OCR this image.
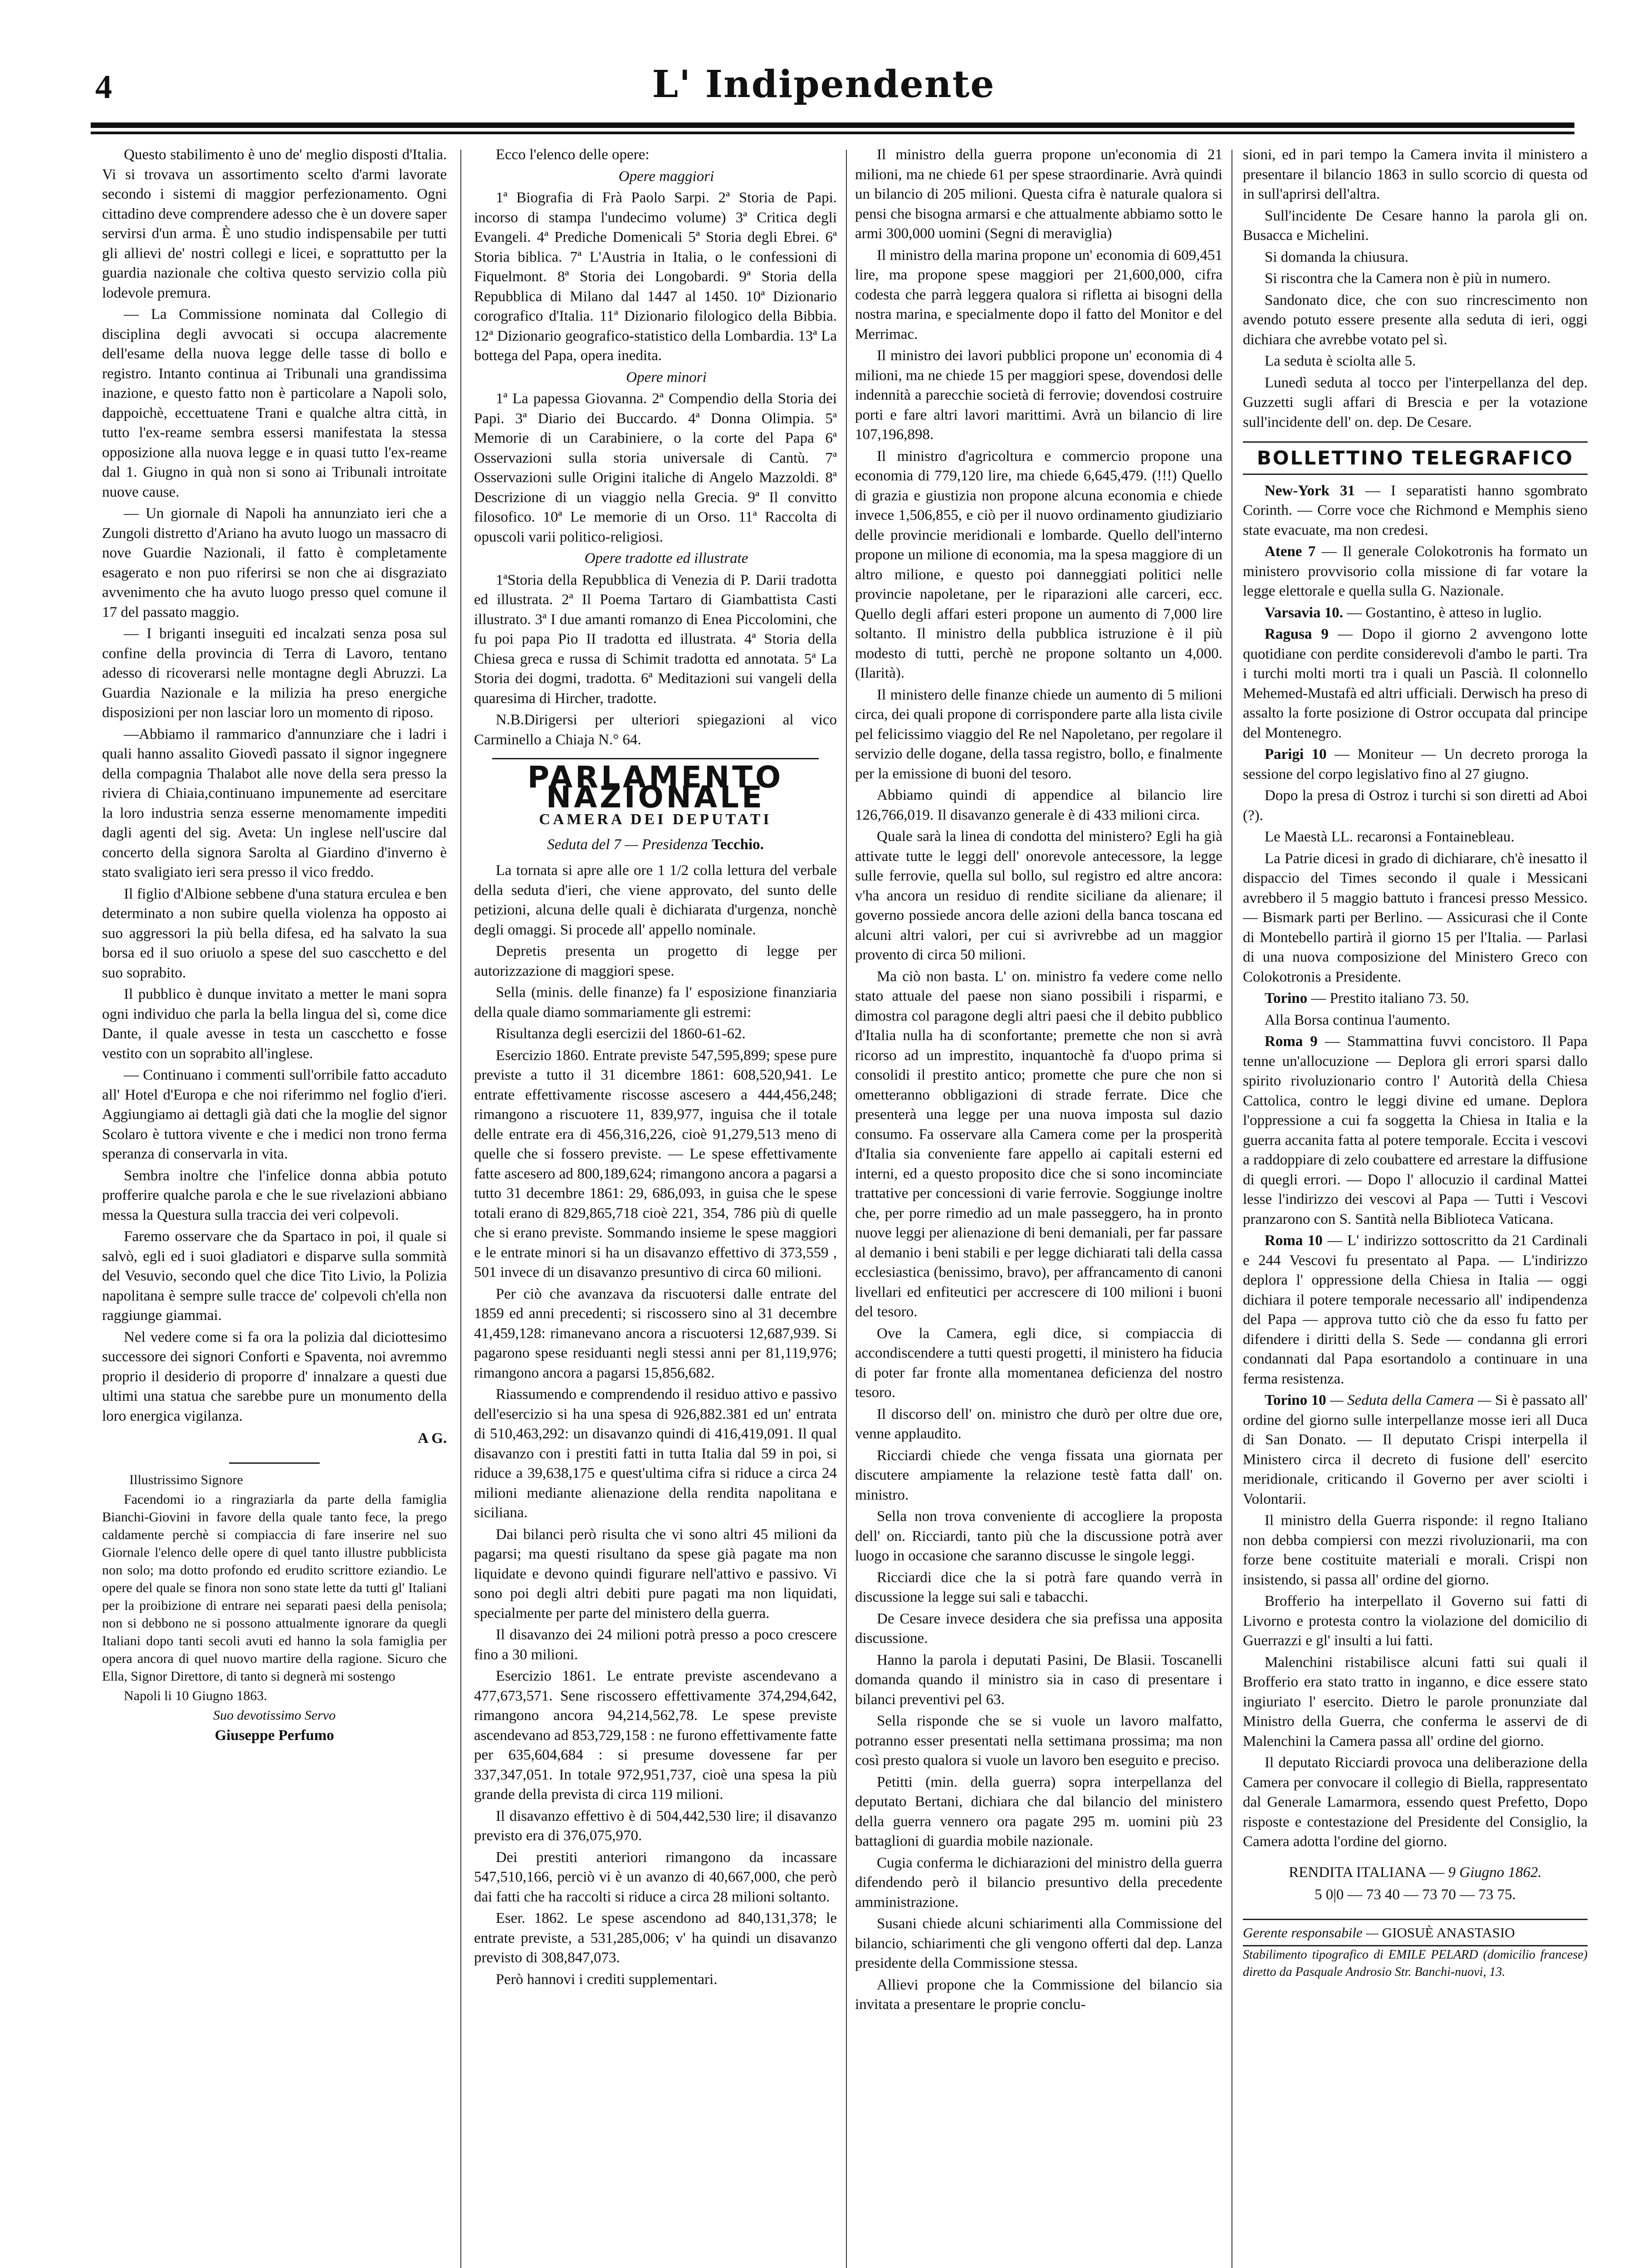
4	L' Indipendente

Questo stabilimento è uno de' meglio disposti d'Italia. Vi si trovava un assortimento scelto d'armi lavorate secondo i sistemi di maggior perfezionamento. Ogni cittadino deve comprendere adesso che è un dovere saper servirsi d'un arma. È uno studio indispensabile per tutti gli allievi de' nostri collegi e licei, e soprattutto per la guardia nazionale che coltiva questo servizio colla più lodevole premura.

— La Commissione nominata dal Collegio di disciplina degli avvocati si occupa alacremente dell'esame della nuova legge delle tasse di bollo e registro. Intanto continua ai Tribunali una grandissima inazione, e questo fatto non è particolare a Napoli solo, dappoichè, eccettuatene Trani e qualche altra città, in tutto l'ex-reame sembra essersi manifestata la stessa opposizione alla nuova legge e in quasi tutto l'ex-reame dal 1. Giugno in quà non si sono ai Tribunali introitate nuove cause.

— Un giornale di Napoli ha annunziato ieri che a Zungoli distretto d'Ariano ha avuto luogo un massacro di nove Guardie Nazionali, il fatto è completamente esagerato e non puo riferirsi se non che ai disgraziato avvenimento che ha avuto luogo presso quel comune il 17 del passato maggio.

— I briganti inseguiti ed incalzati senza posa sul confine della provincia di Terra di Lavoro, tentano adesso di ricoverarsi nelle montagne degli Abruzzi. La Guardia Nazionale e la milizia ha preso energiche disposizioni per non lasciar loro un momento di riposo.

—Abbiamo il rammarico d'annunziare che i ladri i quali hanno assalito Giovedì passato il signor ingegnere della compagnia Thalabot alle nove della sera presso la riviera di Chiaia,continuano impunemente ad esercitare la loro industria senza esserne menomamente impediti dagli agenti del sig. Aveta: Un inglese nell'uscire dal concerto della signora Sarolta al Giardino d'inverno è stato svaligiato ieri sera presso il vico freddo.

Il figlio d'Albione sebbene d'una statura erculea e ben determinato a non subire quella violenza ha opposto ai suo aggressori la più bella difesa, ed ha salvato la sua borsa ed il suo oriuolo a spese del suo cascchetto e del suo soprabito.

Il pubblico è dunque invitato a metter le mani sopra ogni individuo che parla la bella lingua del sì, come dice Dante, il quale avesse in testa un cascchetto e fosse vestito con un soprabito all'inglese.

— Continuano i commenti sull'orribile fatto accaduto all' Hotel d'Europa e che noi riferimmo nel foglio d'ieri. Aggiungiamo ai dettagli già dati che la moglie del signor Scolaro è tuttora vivente e che i medici non trono ferma speranza di conservarla in vita.

Sembra inoltre che l'infelice donna abbia potuto profferire qualche parola e che le sue rivelazioni abbiano messa la Questura sulla traccia dei veri colpevoli.

Faremo osservare che da Spartaco in poi, il quale si salvò, egli ed i suoi gladiatori e disparve sulla sommità del Vesuvio, secondo quel che dice Tito Livio, la Polizia napolitana è sempre sulle tracce de' colpevoli ch'ella non raggiunge giammai.

Nel vedere come si fa ora la polizia dal diciottesimo successore dei signori Conforti e Spaventa, noi avremmo proprio il desiderio di proporre d' innalzare a questi due ultimi una statua che sarebbe pure un monumento della loro energica vigilanza.

A G.

Illustrissimo Signore

Facendomi io a ringraziarla da parte della famiglia Bianchi-Giovini in favore della quale tanto fece, la prego caldamente perchè si compiaccia di fare inserire nel suo Giornale l'elenco delle opere di quel tanto illustre pubblicista non solo; ma dotto profondo ed erudito scrittore eziandio. Le opere del quale se finora non sono state lette da tutti gl' Italiani per la proibizione di entrare nei separati paesi della penisola; non si debbono ne si possono attualmente ignorare da quegli Italiani dopo tanti secoli avuti ed hanno la sola famiglia per opera ancora di quel nuovo martire della ragione. Sicuro che Ella, Signor Direttore, di tanto si degnerà mi sostengo

Napoli li 10 Giugno 1863.

Suo devotissimo Servo

Giuseppe Perfumo

Ecco l'elenco delle opere:

Opere maggiori

1ª Biografia di Frà Paolo Sarpi. 2ª Storia de Papi. incorso di stampa l'undecimo volume) 3ª Critica degli Evangeli. 4ª Prediche Domenicali 5ª Storia degli Ebrei. 6ª Storia biblica. 7ª L'Austria in Italia, o le confessioni di Fiquelmont. 8ª Storia dei Longobardi. 9ª Storia della Repubblica di Milano dal 1447 al 1450. 10ª Dizionario corografico d'Italia. 11ª Dizionario filologico della Bibbia. 12ª Dizionario geografico-statistico della Lombardia. 13ª La bottega del Papa, opera inedita.

Opere minori

1ª La papessa Giovanna. 2ª Compendio della Storia dei Papi. 3ª Diario dei Buccardo. 4ª Donna Olimpia. 5ª Memorie di un Carabiniere, o la corte del Papa 6ª Osservazioni sulla storia universale di Cantù. 7ª Osservazioni sulle Origini italiche di Angelo Mazzoldi. 8ª Descrizione di un viaggio nella Grecia. 9ª Il convitto filosofico. 10ª Le memorie di un Orso. 11ª Raccolta di opuscoli varii politico-religiosi.

Opere tradotte ed illustrate

1ªStoria della Repubblica di Venezia di P. Darii tradotta ed illustrata. 2ª Il Poema Tartaro di Giambattista Casti illustrato. 3ª I due amanti romanzo di Enea Piccolomini, che fu poi papa Pio II tradotta ed illustrata. 4ª Storia della Chiesa greca e russa di Schimit tradotta ed annotata. 5ª La Storia dei dogmi, tradotta. 6ª Meditazioni sui vangeli della quaresima di Hircher, tradotte.

N.B.Dirigersi per ulteriori spiegazioni al vico Carminello a Chiaja N.° 64.

PARLAMENTO NAZIONALE
CAMERA DEI DEPUTATI
Seduta del 7 — Presidenza Tecchio.

La tornata si apre alle ore 1 1/2 colla lettura del verbale della seduta d'ieri, che viene approvato, del sunto delle petizioni, alcuna delle quali è dichiarata d'urgenza, nonchè degli omaggi. Si procede all' appello nominale.

Depretis presenta un progetto di legge per autorizzazione di maggiori spese.

Sella (minis. delle finanze) fa l' esposizione finanziaria della quale diamo sommariamente gli estremi:

Risultanza degli esercizii del 1860-61-62.

Esercizio 1860. Entrate previste 547,595,899; spese pure previste a tutto il 31 dicembre 1861: 608,520,941. Le entrate effettivamente riscosse ascesero a 444,456,248; rimangono a riscuotere 11, 839,977, inguisa che il totale delle entrate era di 456,316,226, cioè 91,279,513 meno di quelle che si fossero previste. — Le spese effettivamente fatte ascesero ad 800,189,624; rimangono ancora a pagarsi a tutto 31 decembre 1861: 29, 686,093, in guisa che le spese totali erano di 829,865,718 cioè 221, 354, 786 più di quelle che si erano previste. Sommando insieme le spese maggiori e le entrate minori si ha un disavanzo effettivo di 373,559 , 501 invece di un disavanzo presuntivo di circa 60 milioni.

Per ciò che avanzava da riscuotersi dalle entrate del 1859 ed anni precedenti; si riscossero sino al 31 decembre 41,459,128: rimanevano ancora a riscuotersi 12,687,939. Si pagarono spese residuanti negli stessi anni per 81,119,976; rimangono ancora a pagarsi 15,856,682.

Riassumendo e comprendendo il residuo attivo e passivo dell'esercizio si ha una spesa di 926,882.381 ed un' entrata di 510,463,292: un disavanzo quindi di 416,419,091. Il qual disavanzo con i prestiti fatti in tutta Italia dal 59 in poi, si riduce a 39,638,175 e quest'ultima cifra si riduce a circa 24 milioni mediante alienazione della rendita napolitana e siciliana.

Dai bilanci però risulta che vi sono altri 45 milioni da pagarsi; ma questi risultano da spese già pagate ma non liquidate e devono quindi figurare nell'attivo e passivo. Vi sono poi degli altri debiti pure pagati ma non liquidati, specialmente per parte del ministero della guerra.

Il disavanzo dei 24 milioni potrà presso a poco crescere fino a 30 milioni.

Esercizio 1861. Le entrate previste ascendevano a 477,673,571. Sene riscossero effettivamente 374,294,642, rimangono ancora 94,214,562,78. Le spese previste ascendevano ad 853,729,158 : ne furono effettivamente fatte per 635,604,684 : si presume dovessene far per 337,347,051. In totale 972,951,737, cioè una spesa la più grande della prevista di circa 119 milioni.

Il disavanzo effettivo è di 504,442,530 lire; il disavanzo previsto era di 376,075,970.

Dei prestiti anteriori rimangono da incassare 547,510,166, perciò vi è un avanzo di 40,667,000, che però dai fatti che ha raccolti si riduce a circa 28 milioni soltanto.

Eser. 1862. Le spese ascendono ad 840,131,378; le entrate previste, a 531,285,006; v' ha quindi un disavanzo previsto di 308,847,073.

Però hannovi i crediti supplementari.

Il ministro della guerra propone un'economia di 21 milioni, ma ne chiede 61 per spese straordinarie. Avrà quindi un bilancio di 205 milioni. Questa cifra è naturale qualora si pensi che bisogna armarsi e che attualmente abbiamo sotto le armi 300,000 uomini (Segni di meraviglia)

Il ministro della marina propone un' economia di 609,451 lire, ma propone spese maggiori per 21,600,000, cifra codesta che parrà leggera qualora si rifletta ai bisogni della nostra marina, e specialmente dopo il fatto del Monitor e del Merrimac.

Il ministro dei lavori pubblici propone un' economia di 4 milioni, ma ne chiede 15 per maggiori spese, dovendosi delle indennità a parecchie società di ferrovie; dovendosi costruire porti e fare altri lavori marittimi. Avrà un bilancio di lire 107,196,898.

Il ministro d'agricoltura e commercio propone una economia di 779,120 lire, ma chiede 6,645,479. (!!!) Quello di grazia e giustizia non propone alcuna economia e chiede invece 1,506,855, e ciò per il nuovo ordinamento giudiziario delle provincie meridionali e lombarde. Quello dell'interno propone un milione di economia, ma la spesa maggiore di un altro milione, e questo poi danneggiati politici nelle provincie napoletane, per le riparazioni alle carceri, ecc. Quello degli affari esteri propone un aumento di 7,000 lire soltanto. Il ministro della pubblica istruzione è il più modesto di tutti, perchè ne propone soltanto un 4,000. (Ilarità).

Il ministero delle finanze chiede un aumento di 5 milioni circa, dei quali propone di corrispondere parte alla lista civile pel felicissimo viaggio del Re nel Napoletano, per regolare il servizio delle dogane, della tassa registro, bollo, e finalmente per la emissione di buoni del tesoro.

Abbiamo quindi di appendice al bilancio lire 126,766,019. Il disavanzo generale è di 433 milioni circa.

Quale sarà la linea di condotta del ministero? Egli ha già attivate tutte le leggi dell' onorevole antecessore, la legge sulle ferrovie, quella sul bollo, sul registro ed altre ancora: v'ha ancora un residuo di rendite siciliane da alienare; il governo possiede ancora delle azioni della banca toscana ed alcuni altri valori, per cui si avrivrebbe ad un maggior provento di circa 50 milioni.

Ma ciò non basta. L' on. ministro fa vedere come nello stato attuale del paese non siano possibili i risparmi, e dimostra col paragone degli altri paesi che il debito pubblico d'Italia nulla ha di sconfortante; premette che non si avrà ricorso ad un imprestito, inquantochè fa d'uopo prima si consolidi il prestito antico; promette che pure che non si ometteranno obbligazioni di strade ferrate. Dice che presenterà una legge per una nuova imposta sul dazio consumo. Fa osservare alla Camera come per la prosperità d'Italia sia conveniente fare appello ai capitali esterni ed interni, ed a questo proposito dice che si sono incominciate trattative per concessioni di varie ferrovie. Soggiunge inoltre che, per porre rimedio ad un male passeggero, ha in pronto nuove leggi per alienazione di beni demaniali, per far passare al demanio i beni stabili e per legge dichiarati tali della cassa ecclesiastica (benissimo, bravo), per affrancamento di canoni livellari ed enfiteutici per accrescere di 100 milioni i buoni del tesoro.

Ove la Camera, egli dice, si compiaccia di accondiscendere a tutti questi progetti, il ministero ha fiducia di poter far fronte alla momentanea deficienza del nostro tesoro.

Il discorso dell' on. ministro che durò per oltre due ore, venne applaudito.

Ricciardi chiede che venga fissata una giornata per discutere ampiamente la relazione testè fatta dall' on. ministro.

Sella non trova conveniente di accogliere la proposta dell' on. Ricciardi, tanto più che la discussione potrà aver luogo in occasione che saranno discusse le singole leggi.

Ricciardi dice che la si potrà fare quando verrà in discussione la legge sui sali e tabacchi.

De Cesare invece desidera che sia prefissa una apposita discussione.

Hanno la parola i deputati Pasini, De Blasii. Toscanelli domanda quando il ministro sia in caso di presentare i bilanci preventivi pel 63.

Sella risponde che se si vuole un lavoro malfatto, potranno esser presentati nella settimana prossima; ma non così presto qualora si vuole un lavoro ben eseguito e preciso.

Petitti (min. della guerra) sopra interpellanza del deputato Bertani, dichiara che dal bilancio del ministero della guerra vennero ora pagate 295 m. uomini più 23 battaglioni di guardia mobile nazionale.

Cugia conferma le dichiarazioni del ministro della guerra difendendo però il bilancio presuntivo della precedente amministrazione.

Susani chiede alcuni schiarimenti alla Commissione del bilancio, schiarimenti che gli vengono offerti dal dep. Lanza presidente della Commissione stessa.

Allievi propone che la Commissione del bilancio sia invitata a presentare le proprie conclu-

sioni, ed in pari tempo la Camera invita il ministero a presentare il bilancio 1863 in sullo scorcio di questa od in sull'aprirsi dell'altra.

Sull'incidente De Cesare hanno la parola gli on. Busacca e Michelini.

Si domanda la chiusura.

Si riscontra che la Camera non è più in numero.

Sandonato dice, che con suo rincrescimento non avendo potuto essere presente alla seduta di ieri, oggi dichiara che avrebbe votato pel sì.

La seduta è sciolta alle 5.

Lunedì seduta al tocco per l'interpellanza del dep. Guzzetti sugli affari di Brescia e per la votazione sull'incidente dell' on. dep. De Cesare.

BOLLETTINO TELEGRAFICO

New-York 31 — I separatisti hanno sgombrato Corinth. — Corre voce che Richmond e Memphis sieno state evacuate, ma non credesi.

Atene 7 — Il generale Colokotronis ha formato un ministero provvisorio colla missione di far votare la legge elettorale e quella sulla G. Nazionale.

Varsavia 10. — Gostantino, è atteso in luglio.

Ragusa 9 — Dopo il giorno 2 avvengono lotte quotidiane con perdite considerevoli d'ambo le parti. Tra i turchi molti morti tra i quali un Pascià. Il colonnello Mehemed-Mustafà ed altri ufficiali. Derwisch ha preso di assalto la forte posizione di Ostror occupata dal principe del Montenegro.

Parigi 10 — Moniteur — Un decreto proroga la sessione del corpo legislativo fino al 27 giugno.

Dopo la presa di Ostroz i turchi si son diretti ad Aboi (?).

Le Maestà LL. recaronsi a Fontainebleau.

La Patrie dicesi in grado di dichiarare, ch'è inesatto il dispaccio del Times secondo il quale i Messicani avrebbero il 5 maggio battuto i francesi presso Messico. — Bismark parti per Berlino. — Assicurasi che il Conte di Montebello partirà il giorno 15 per l'Italia. — Parlasi di una nuova composizione del Ministero Greco con Colokotronis a Presidente.

Torino — Prestito italiano 73. 50.

Alla Borsa continua l'aumento.

Roma 9 — Stammattina fuvvi concistoro. Il Papa tenne un'allocuzione — Deplora gli errori sparsi dallo spirito rivoluzionario contro l' Autorità della Chiesa Cattolica, contro le leggi divine ed umane. Deplora l'oppressione a cui fa soggetta la Chiesa in Italia e la guerra accanita fatta al potere temporale. Eccita i vescovi a raddoppiare di zelo coubattere ed arrestare la diffusione di quegli errori. — Dopo l' allocuzio il cardinal Mattei lesse l'indirizzo dei vescovi al Papa — Tutti i Vescovi pranzarono con S. Santità nella Biblioteca Vaticana.

Roma 10 — L' indirizzo sottoscritto da 21 Cardinali e 244 Vescovi fu presentato al Papa. — L'indirizzo deplora l' oppressione della Chiesa in Italia — oggi dichiara il potere temporale necessario all' indipendenza del Papa — approva tutto ciò che da esso fu fatto per difendere i diritti della S. Sede — condanna gli errori condannati dal Papa esortandolo a continuare in una ferma resistenza.

Torino 10 — Seduta della Camera — Si è passato all' ordine del giorno sulle interpellanze mosse ieri all Duca di San Donato. — Il deputato Crispi interpella il Ministero circa il decreto di fusione dell' esercito meridionale, criticando il Governo per aver sciolti i Volontarii.

Il ministro della Guerra risponde: il regno Italiano non debba compiersi con mezzi rivoluzionarii, ma con forze bene costituite materiali e morali. Crispi non insistendo, si passa all' ordine del giorno.

Brofferio ha interpellato il Governo sui fatti di Livorno e protesta contro la violazione del domicilio di Guerrazzi e gl' insulti a lui fatti.

Malenchini ristabilisce alcuni fatti sui quali il Brofferio era stato tratto in inganno, e dice essere stato ingiuriato l' esercito. Dietro le parole pronunziate dal Ministro della Guerra, che conferma le asservi de di Malenchini la Camera passa all' ordine del giorno.

Il deputato Ricciardi provoca una deliberazione della Camera per convocare il collegio di Biella, rappresentato dal Generale Lamarmora, essendo quest Prefetto, Dopo risposte e contestazione del Presidente del Consiglio, la Camera adotta l'ordine del giorno.

RENDITA ITALIANA — 9 Giugno 1862.
5 0|0 — 73 40 — 73 70 — 73 75.
Gerente responsabile — GIOSUÈ ANASTASIO

Stabilimento tipografico di EMILE PELARD (domicilio francese) diretto da Pasquale Androsio Str. Banchi-nuovi, 13.
